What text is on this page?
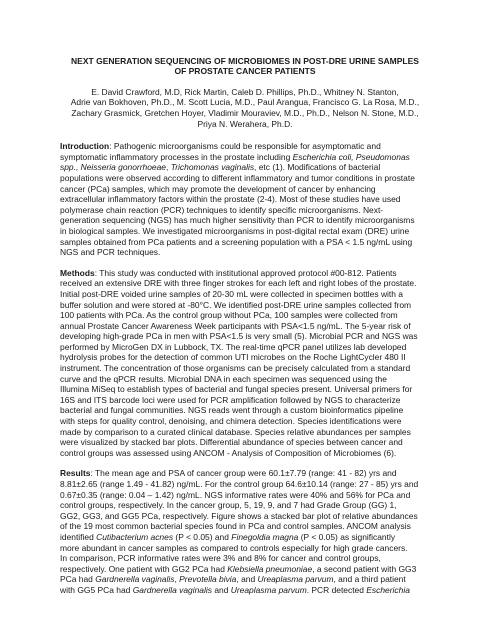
NEXT GENERATION SEQUENCING OF MICROBIOMES IN POST-DRE URINE SAMPLES
OF PROSTATE CANCER PATIENTS
E. David Crawford, M.D, Rick Martin, Caleb D. Phillips, Ph.D., Whitney N. Stanton,
Adrie van Bokhoven, Ph.D., M. Scott Lucia, M.D., Paul Arangua, Francisco G. La Rosa, M.D.,
Zachary Grasmick, Gretchen Hoyer, Vladimir Mouraviev, M.D., Ph.D., Nelson N. Stone, M.D.,
Priya N. Werahera, Ph.D.
Introduction: Pathogenic microorganisms could be responsible for asymptomatic and
symptomatic inflammatory processes in the prostate including Escherichia coli, Pseudomonas
spp., Neisseria gonorrhoeae, Trichomonas vaginalis, etc (1). Modifications of bacterial
populations were observed according to different inflammatory and tumor conditions in prostate
cancer (PCa) samples, which may promote the development of cancer by enhancing
extracellular inflammatory factors within the prostate (2-4). Most of these studies have used
polymerase chain reaction (PCR) techniques to identify specific microorganisms. Next-
generation sequencing (NGS) has much higher sensitivity than PCR to identify microorganisms
in biological samples. We investigated microorganisms in post-digital rectal exam (DRE) urine
samples obtained from PCa patients and a screening population with a PSA < 1.5 ng/mL using
NGS and PCR techniques.
Methods: This study was conducted with institutional approved protocol #00-812. Patients
received an extensive DRE with three finger strokes for each left and right lobes of the prostate.
Initial post-DRE voided urine samples of 20-30 mL were collected in specimen bottles with a
buffer solution and were stored at -80°C. We identified post-DRE urine samples collected from
100 patients with PCa. As the control group without PCa, 100 samples were collected from
annual Prostate Cancer Awareness Week participants with PSA<1.5 ng/mL. The 5-year risk of
developing high-grade PCa in men with PSA<1.5 is very small (5). Microbial PCR and NGS was
performed by MicroGen DX in Lubbock, TX. The real-time qPCR panel utilizes lab developed
hydrolysis probes for the detection of common UTI microbes on the Roche LightCycler 480 II
instrument. The concentration of those organisms can be precisely calculated from a standard
curve and the qPCR results. Microbial DNA in each specimen was sequenced using the
Illumina MiSeq to establish types of bacterial and fungal species present. Universal primers for
16S and ITS barcode loci were used for PCR amplification followed by NGS to characterize
bacterial and fungal communities. NGS reads went through a custom bioinformatics pipeline
with steps for quality control, denoising, and chimera detection. Species identifications were
made by comparison to a curated clinical database. Species relative abundances per samples
were visualized by stacked bar plots. Differential abundance of species between cancer and
control groups was assessed using ANCOM - Analysis of Composition of Microbiomes (6).
Results: The mean age and PSA of cancer group were 60.1±7.79 (range: 41 - 82) yrs and
8.81±2.65 (range 1.49 - 41.82) ng/mL. For the control group 64.6±10.14 (range: 27 - 85) yrs and
0.67±0.35 (range: 0.04 – 1.42) ng/mL. NGS informative rates were 40% and 56% for PCa and
control groups, respectively. In the cancer group, 5, 19, 9, and 7 had Grade Group (GG) 1,
GG2, GG3, and GG5 PCa, respectively. Figure shows a stacked bar plot of relative abundances
of the 19 most common bacterial species found in PCa and control samples. ANCOM analysis
identified Cutibacterium acnes (P < 0.05) and Finegoldia magna (P < 0.05) as significantly
more abundant in cancer samples as compared to controls especially for high grade cancers.
In comparison, PCR informative rates were 3% and 8% for cancer and control groups,
respectively. One patient with GG2 PCa had Klebsiella pneumoniae, a second patient with GG3
PCa had Gardnerella vaginalis, Prevotella bivia, and Ureaplasma parvum, and a third patient
with GG5 PCa had Gardnerella vaginalis and Ureaplasma parvum. PCR detected Escherichia
